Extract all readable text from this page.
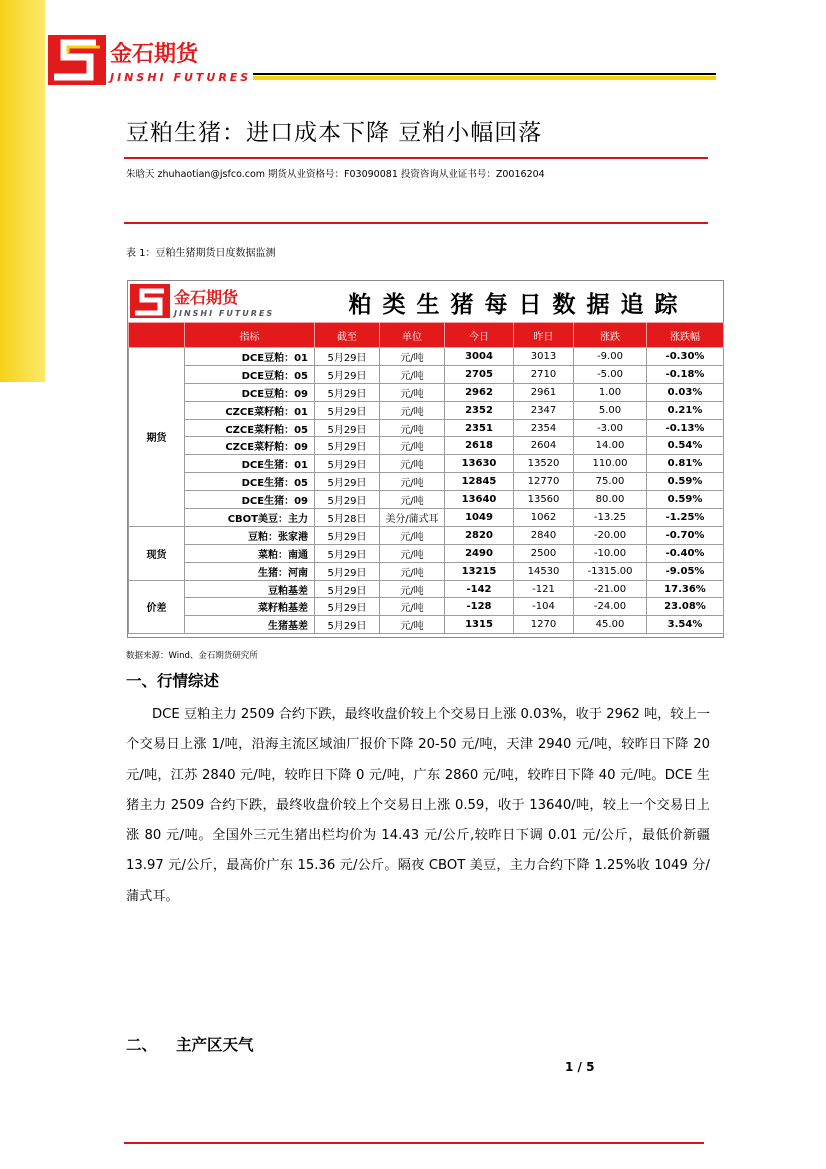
金石期货
JINSHI FUTURES
豆粕生猪：进口成本下降 豆粕小幅回落
朱晗天 zhuhaotian@jsfco.com 期货从业资格号：F03090081 投资咨询从业证书号：Z0016204
表 1：豆粕生猪期货日度数据监测
金石期货
JINSHI FUTURES	粕类生猪每日数据追踪
	指标	截至	单位	今日	昨日	涨跌	涨跌幅
期货	DCE豆粕：01	5月29日	元/吨	3004	3013	-9.00	-0.30%
	DCE豆粕：05	5月29日	元/吨	2705	2710	-5.00	-0.18%
	DCE豆粕：09	5月29日	元/吨	2962	2961	1.00	0.03%
	CZCE菜籽粕：01	5月29日	元/吨	2352	2347	5.00	0.21%
	CZCE菜籽粕：05	5月29日	元/吨	2351	2354	-3.00	-0.13%
	CZCE菜籽粕：09	5月29日	元/吨	2618	2604	14.00	0.54%
	DCE生猪：01	5月29日	元/吨	13630	13520	110.00	0.81%
	DCE生猪：05	5月29日	元/吨	12845	12770	75.00	0.59%
	DCE生猪：09	5月29日	元/吨	13640	13560	80.00	0.59%
	CBOT美豆：主力	5月28日	美分/蒲式耳	1049	1062	-13.25	-1.25%
现货	豆粕：张家港	5月29日	元/吨	2820	2840	-20.00	-0.70%
	菜粕：南通	5月29日	元/吨	2490	2500	-10.00	-0.40%
	生猪：河南	5月29日	元/吨	13215	14530	-1315.00	-9.05%
价差	豆粕基差	5月29日	元/吨	-142	-121	-21.00	17.36%
	菜籽粕基差	5月29日	元/吨	-128	-104	-24.00	23.08%
	生猪基差	5月29日	元/吨	1315	1270	45.00	3.54%
数据来源：Wind、金石期货研究所
一、行情综述

DCE 豆粕主力 2509 合约下跌，最终收盘价较上个交易日上涨 0.03%，收于 2962 吨，较上一个交易日上涨 1/吨，沿海主流区域油厂报价下降 20-50 元/吨，天津 2940 元/吨，较昨日下降 20 元/吨，江苏 2840 元/吨，较昨日下降 0 元/吨，广东 2860 元/吨，较昨日下降 40 元/吨。DCE 生猪主力 2509 合约下跌，最终收盘价较上个交易日上涨 0.59，收于 13640/吨，较上一个交易日上涨 80 元/吨。全国外三元生猪出栏均价为 14.43 元/公斤,较昨日下调 0.01 元/公斤，最低价新疆 13.97 元/公斤，最高价广东 15.36 元/公斤。隔夜 CBOT 美豆，主力合约下降 1.25%收 1049 分/蒲式耳。

二、 主产区天气
1 / 5
